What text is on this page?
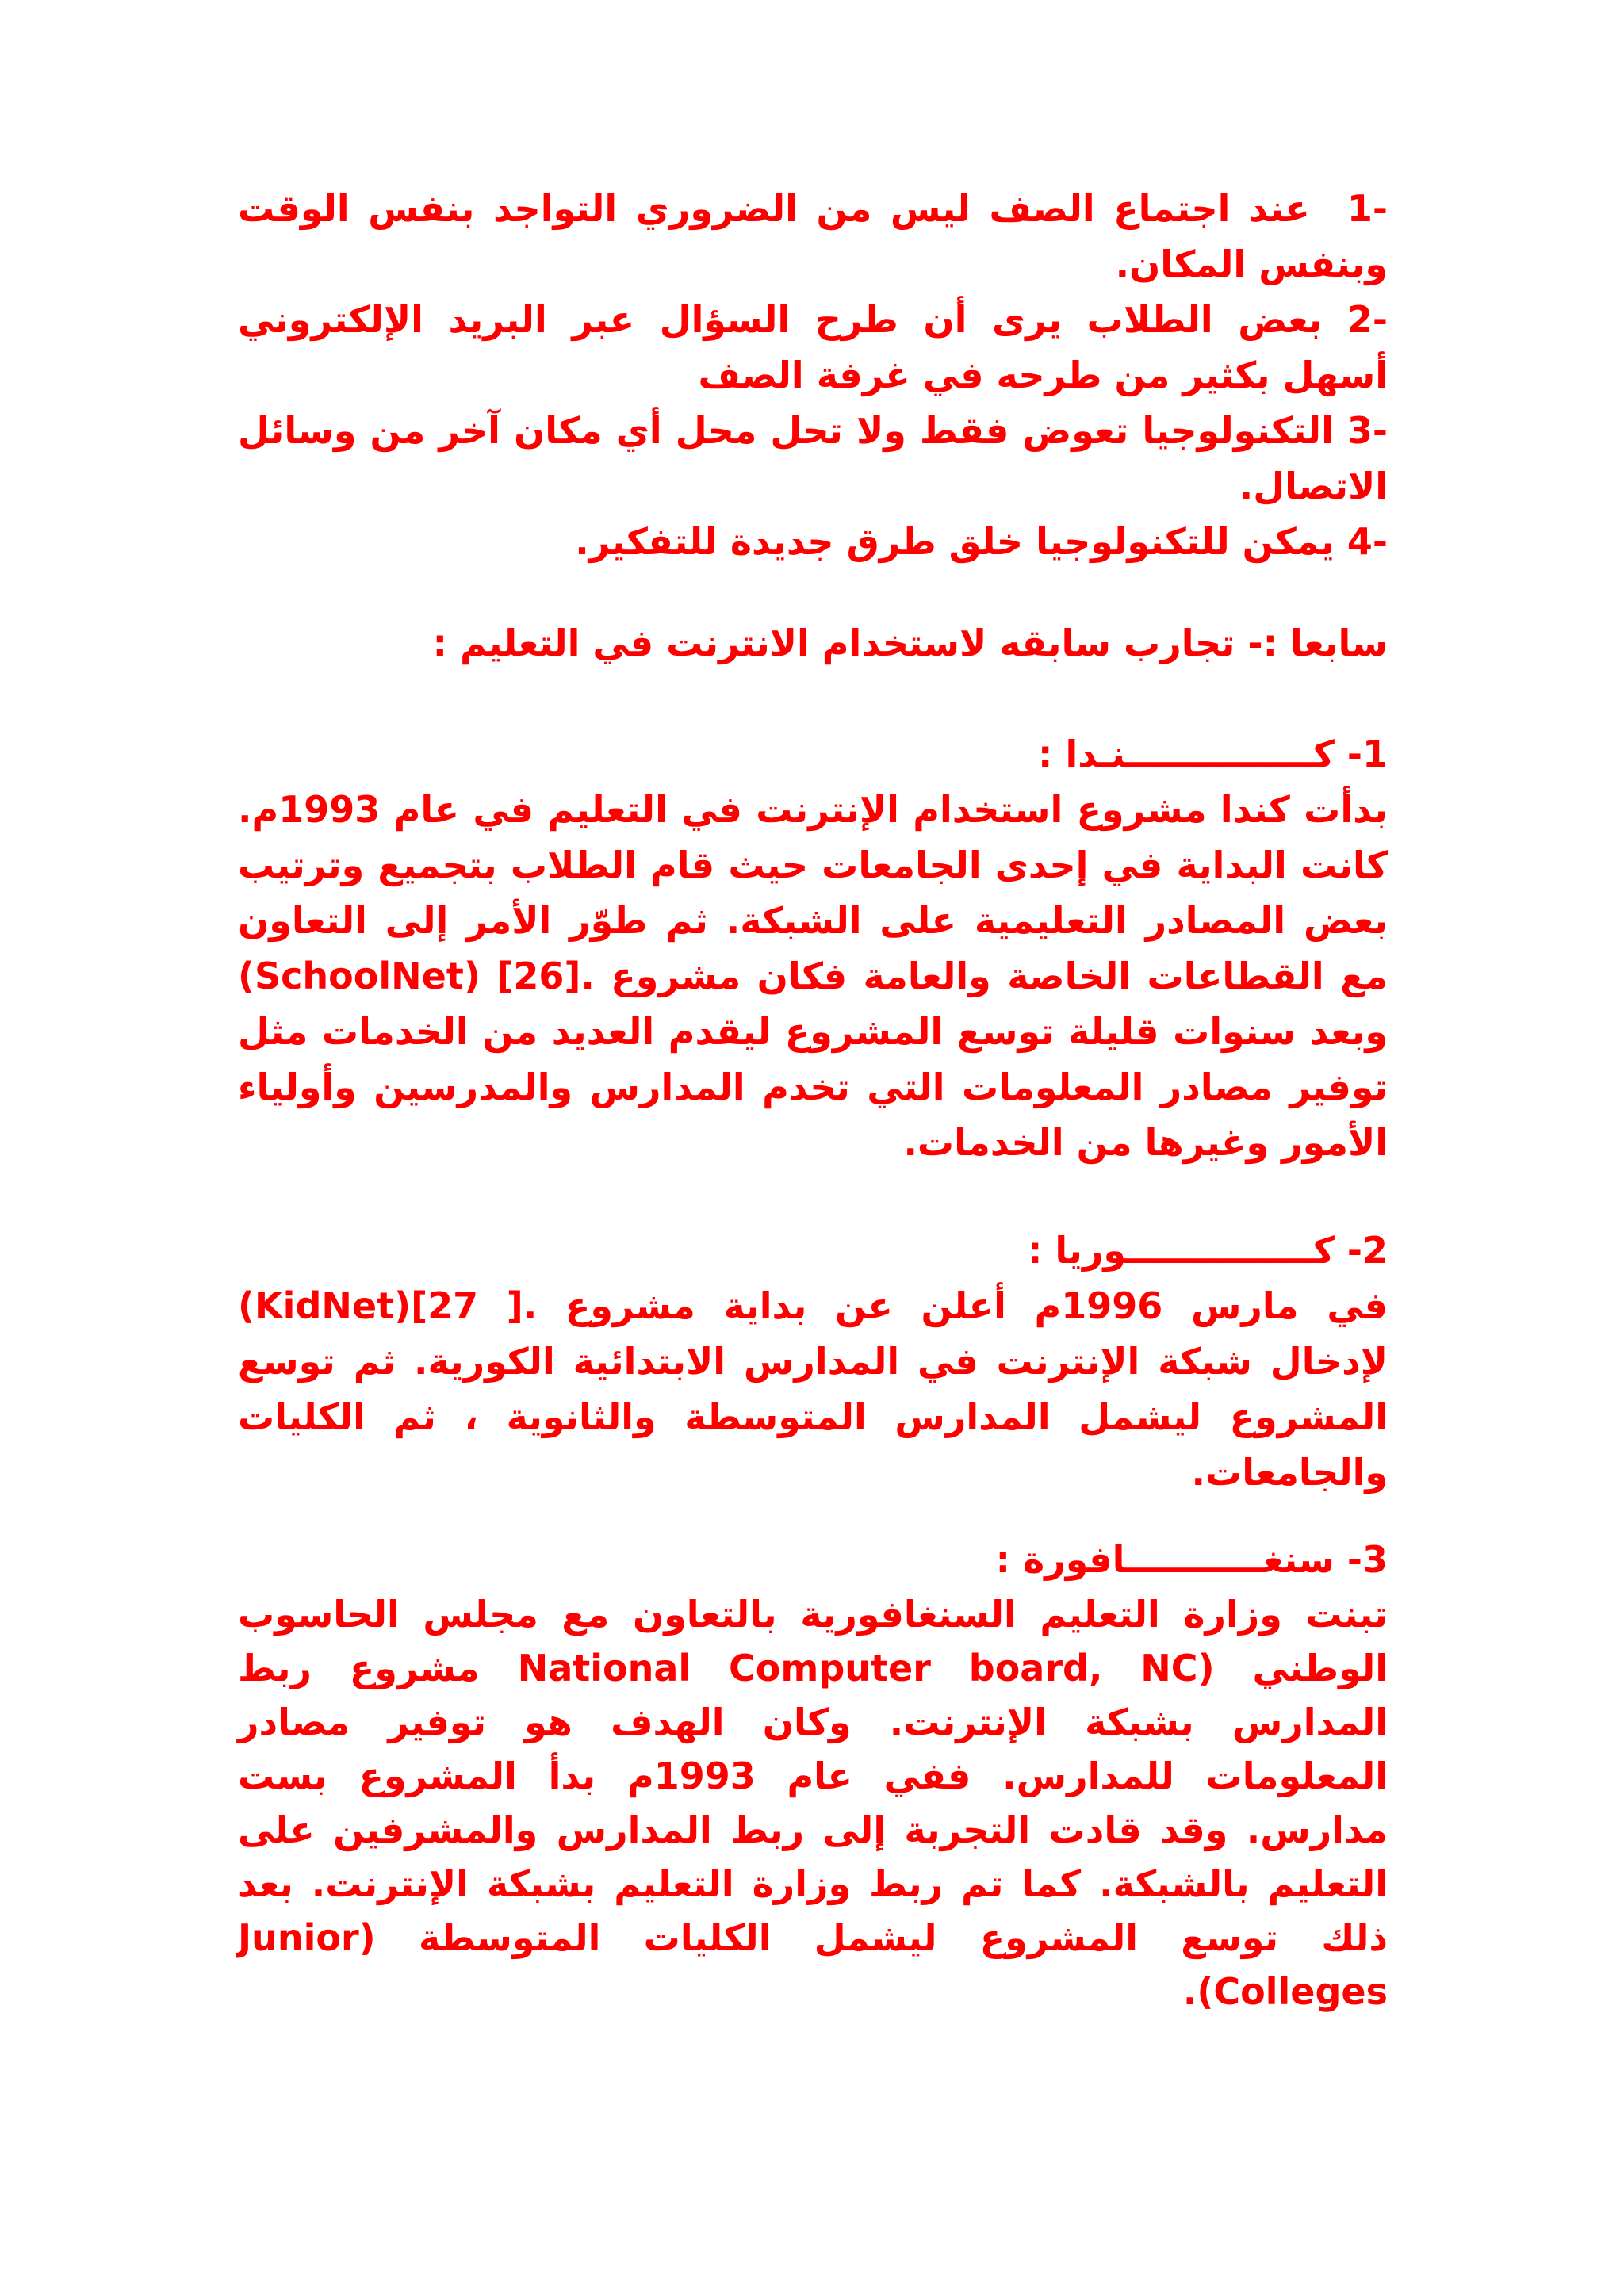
-1  عند اجتماع الصف ليس من الضروري التواجد بنفس الوقت وبنفس المكان.

-2 بعض الطلاب يرى أن طرح السؤال عبر البريد الإلكتروني أسهل بكثير من طرحه في غرفة الصف

-3 التكنولوجيا تعوض فقط ولا تحل محل أي مكان آخر من وسائل الاتصال.

-4 يمكن للتكنولوجيا خلق طرق جديدة للتفكير.

سابعا :- تجارب سابقه لاستخدام الانترنت في التعليم :
1- كـــــــــــــــنـدا :

بدأت كندا مشروع استخدام الإنترنت في التعليم في عام 1993م. كانت البداية في إحدى الجامعات حيث قام الطلاب بتجميع وترتيب بعض المصادر التعليمية على الشبكة. ثم طوّر الأمر إلى التعاون مع القطاعات الخاصة والعامة فكان مشروع .[26] (SchoolNet) وبعد سنوات قليلة توسع المشروع ليقدم العديد من الخدمات مثل توفير مصادر المعلومات التي تخدم المدارس والمدرسين وأولياء الأمور وغيرها من الخدمات.

2- كـــــــــــــــوريا :

في مارس 1996م أعلن عن بداية مشروع .[ 27](KidNet) لإدخال شبكة الإنترنت في المدارس الابتدائية الكورية. ثم توسع المشروع ليشمل المدارس المتوسطة والثانوية ، ثم الكليات والجامعات.

3- سنغـــــــــــافورة :

تبنت وزارة التعليم السنغافورية بالتعاون مع مجلس الحاسوب الوطني (National Computer board, NC مشروع ربط المدارس بشبكة الإنترنت. وكان الهدف هو توفير مصادر المعلومات للمدارس. ففي عام 1993م بدأ المشروع بست مدارس. وقد قادت التجربة إلى ربط المدارس والمشرفين على التعليم بالشبكة. كما تم ربط وزارة التعليم بشبكة الإنترنت. بعد ذلك توسع المشروع ليشمل الكليات المتوسطة (Junior Colleges).
